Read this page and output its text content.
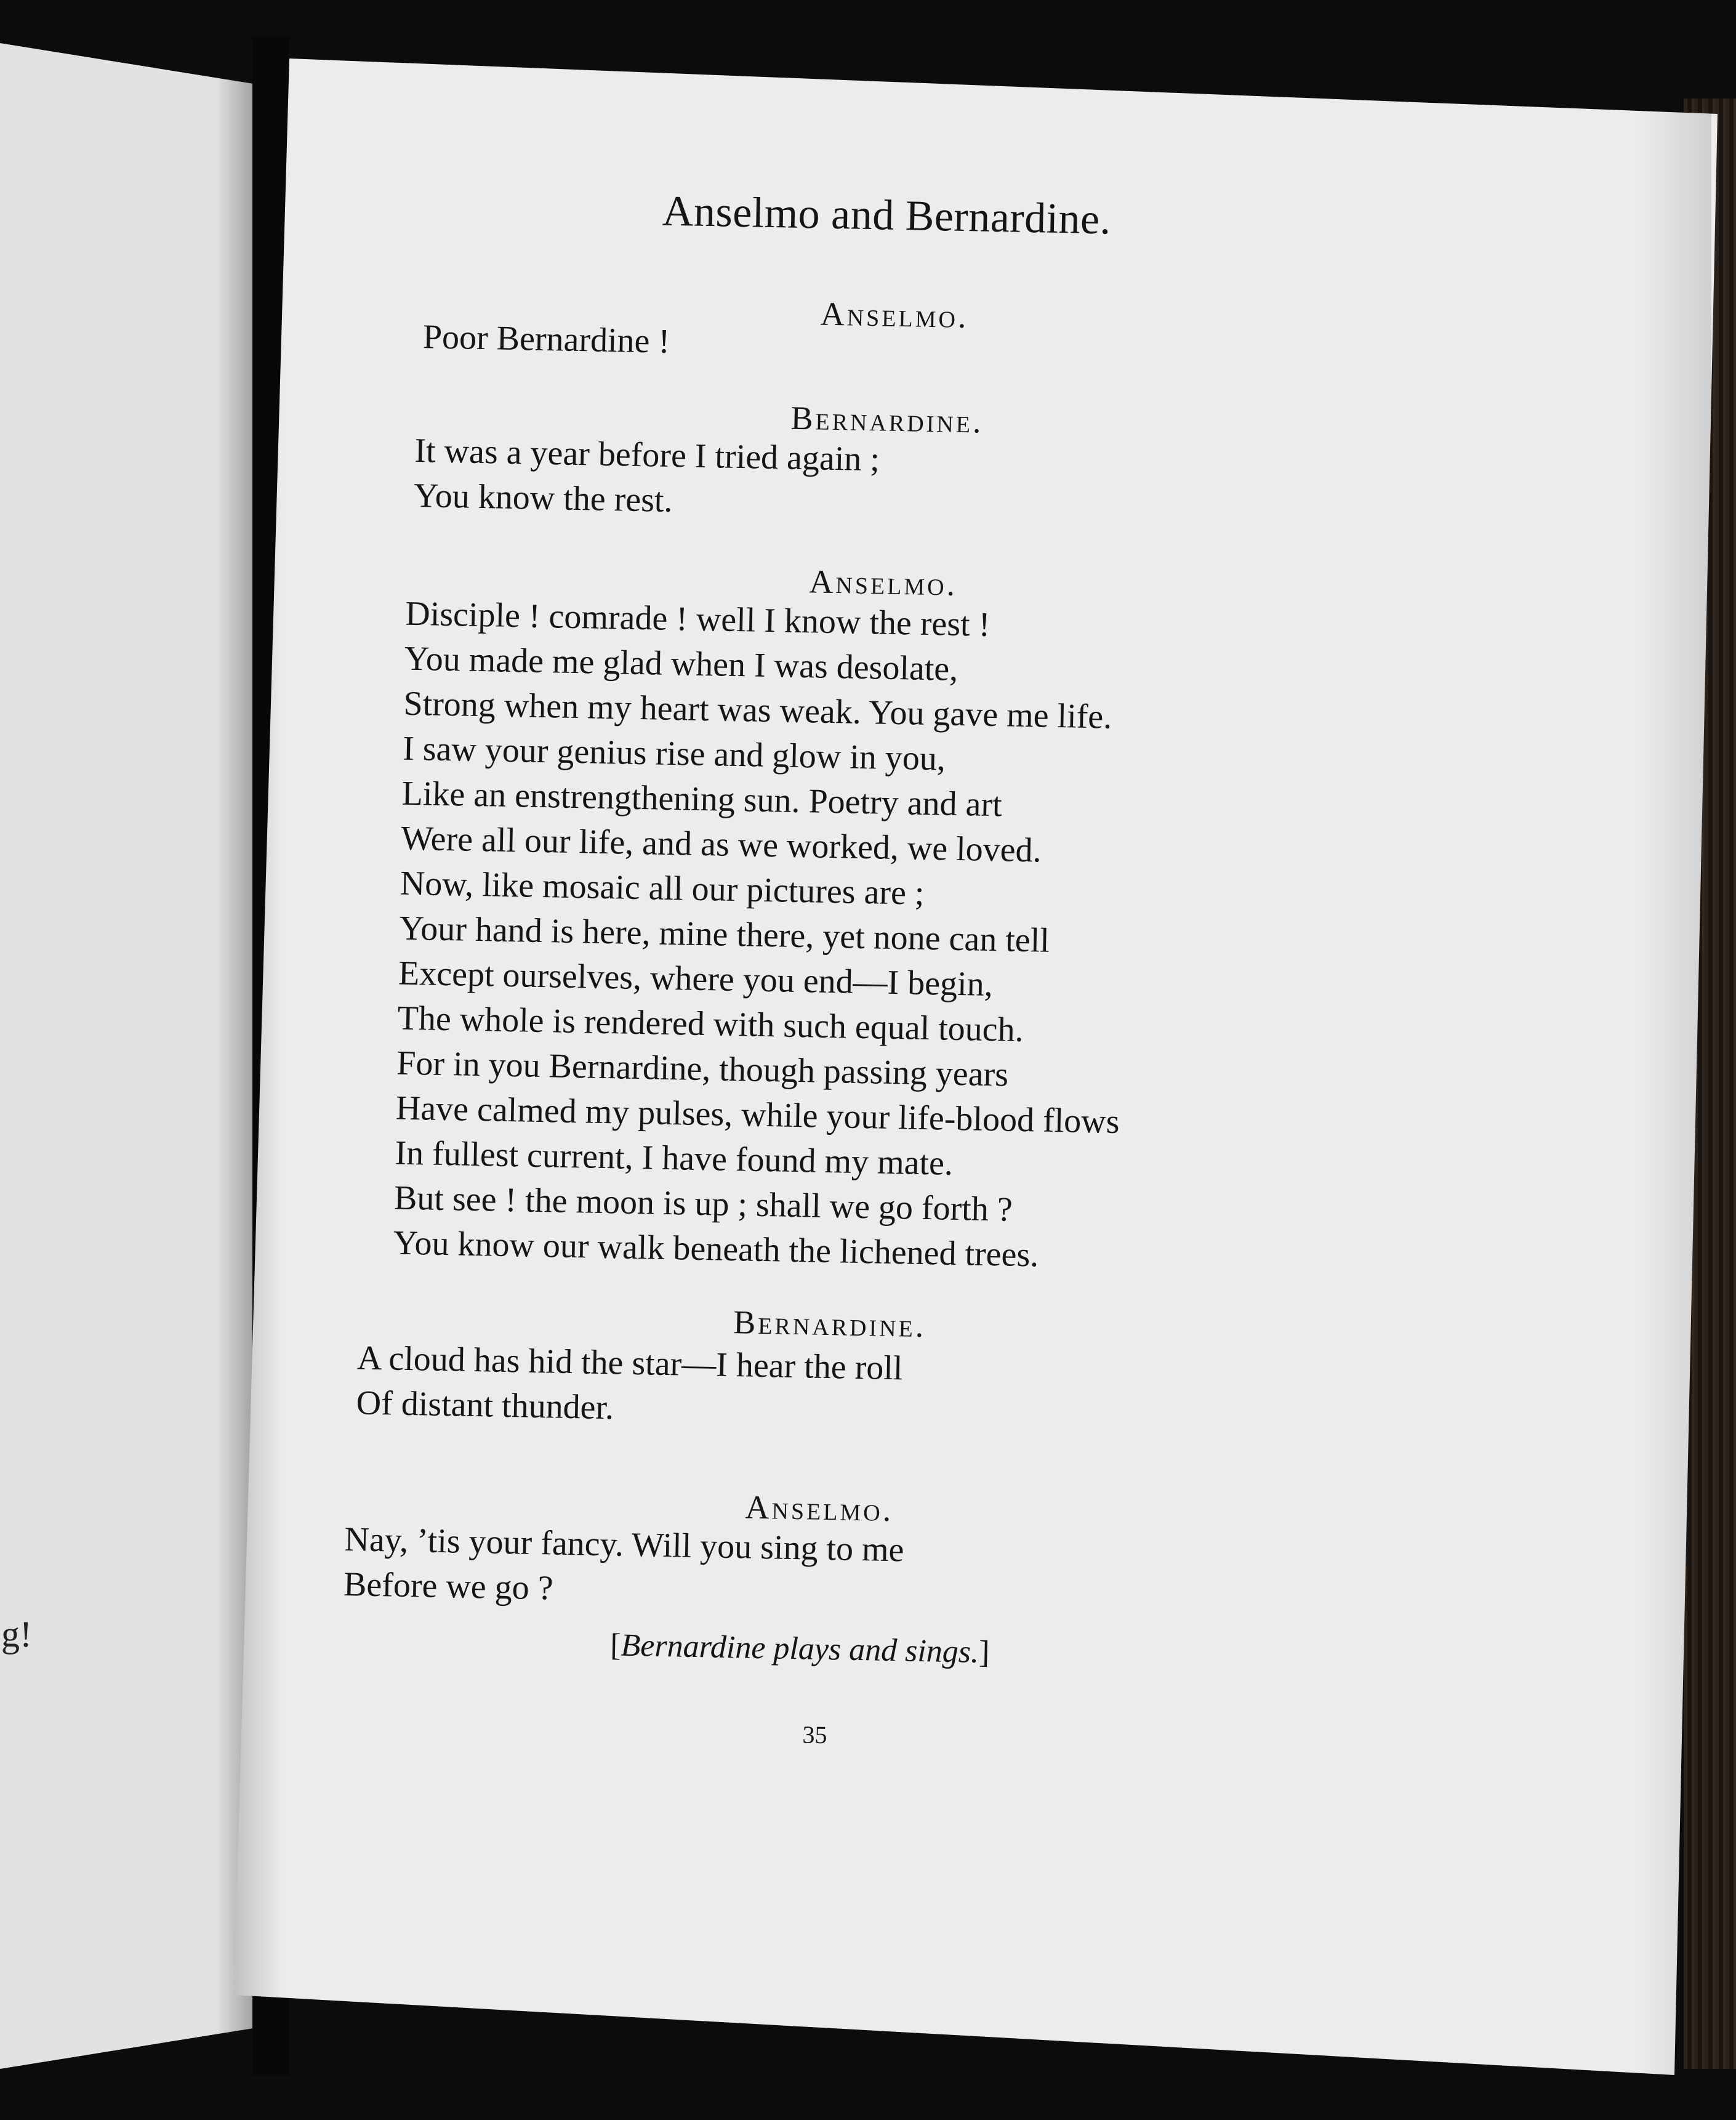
g!
Anselmo and Bernardine.
Anselmo.
Poor Bernardine !
Bernardine.
It was a year before I tried again ;
You know the rest.
Anselmo.
Disciple ! comrade ! well I know the rest !
You made me glad when I was desolate,
Strong when my heart was weak. You gave me life.
I saw your genius rise and glow in you,
Like an enstrengthening sun. Poetry and art
Were all our life, and as we worked, we loved.
Now, like mosaic all our pictures are ;
Your hand is here, mine there, yet none can tell
Except ourselves, where you end—I begin,
The whole is rendered with such equal touch.
For in you Bernardine, though passing years
Have calmed my pulses, while your life-blood flows
In fullest current, I have found my mate.
But see ! the moon is up ; shall we go forth ?
You know our walk beneath the lichened trees.
Bernardine.
A cloud has hid the star—I hear the roll
Of distant thunder.
Anselmo.
Nay, ’tis your fancy. Will you sing to me
Before we go ?
[Bernardine plays and sings.]
35
